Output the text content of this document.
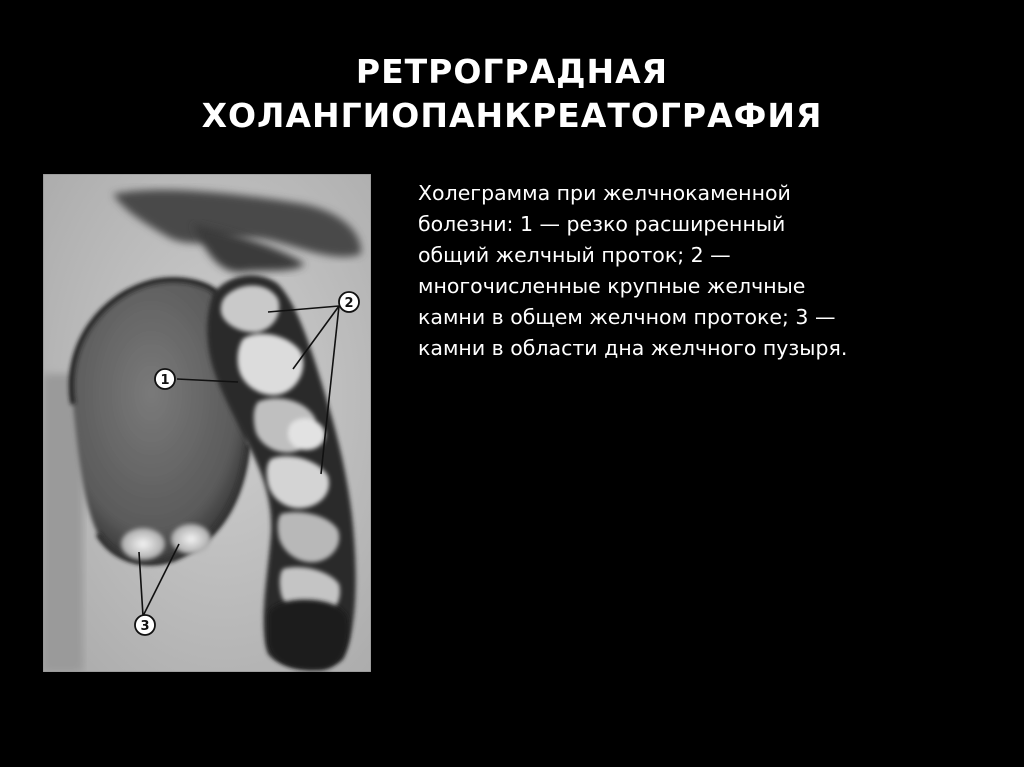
РЕТРОГРАДНАЯ
ХОЛАНГИОПАНКРЕАТОГРАФИЯ
1
2
3
Холеграмма при желчнокаменной
болезни: 1 — резко расширенный
общий желчный проток; 2 —
многочисленные крупные желчные
камни в общем желчном протоке; 3 —
камни в области дна желчного пузыря.
